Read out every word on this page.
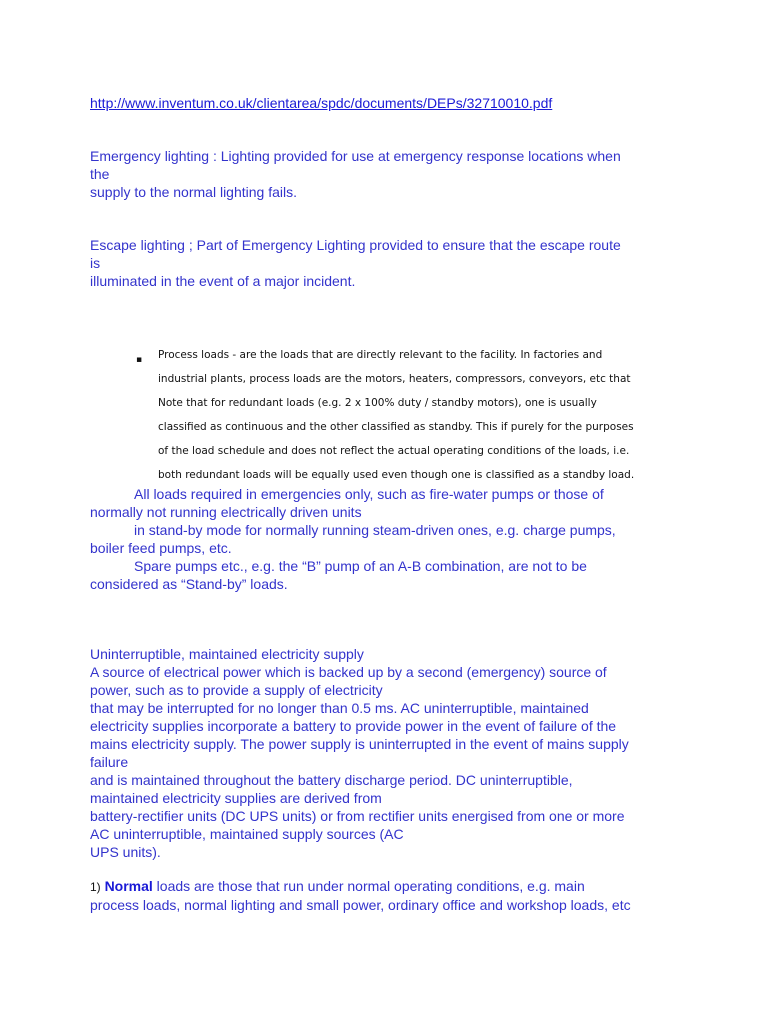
http://www.inventum.co.uk/clientarea/spdc/documents/DEPs/32710010.pdf
Emergency lighting : Lighting provided for use at emergency response locations when
the
supply to the normal lighting fails.
Escape lighting ; Part of Emergency Lighting provided to ensure that the escape route
is
illuminated in the event of a major incident.
▪ Process loads - are the loads that are directly relevant to the facility. In factories and
industrial plants, process loads are the motors, heaters, compressors, conveyors, etc that
Note that for redundant loads (e.g. 2 x 100% duty / standby motors), one is usually
classified as continuous and the other classified as standby. This if purely for the purposes
of the load schedule and does not reflect the actual operating conditions of the loads, i.e.
both redundant loads will be equally used even though one is classified as a standby load.
All loads required in emergencies only, such as fire-water pumps or those of
normally not running electrically driven units
in stand-by mode for normally running steam-driven ones, e.g. charge pumps,
boiler feed pumps, etc.
Spare pumps etc., e.g. the “B” pump of an A-B combination, are not to be
considered as “Stand-by” loads.
Uninterruptible, maintained electricity supply
A source of electrical power which is backed up by a second (emergency) source of
power, such as to provide a supply of electricity
that may be interrupted for no longer than 0.5 ms. AC uninterruptible, maintained
electricity supplies incorporate a battery to provide power in the event of failure of the
mains electricity supply. The power supply is uninterrupted in the event of mains supply
failure
and is maintained throughout the battery discharge period. DC uninterruptible,
maintained electricity supplies are derived from
battery-rectifier units (DC UPS units) or from rectifier units energised from one or more
AC uninterruptible, maintained supply sources (AC
UPS units).
1) Normal loads are those that run under normal operating conditions, e.g. main
process loads, normal lighting and small power, ordinary office and workshop loads, etc
